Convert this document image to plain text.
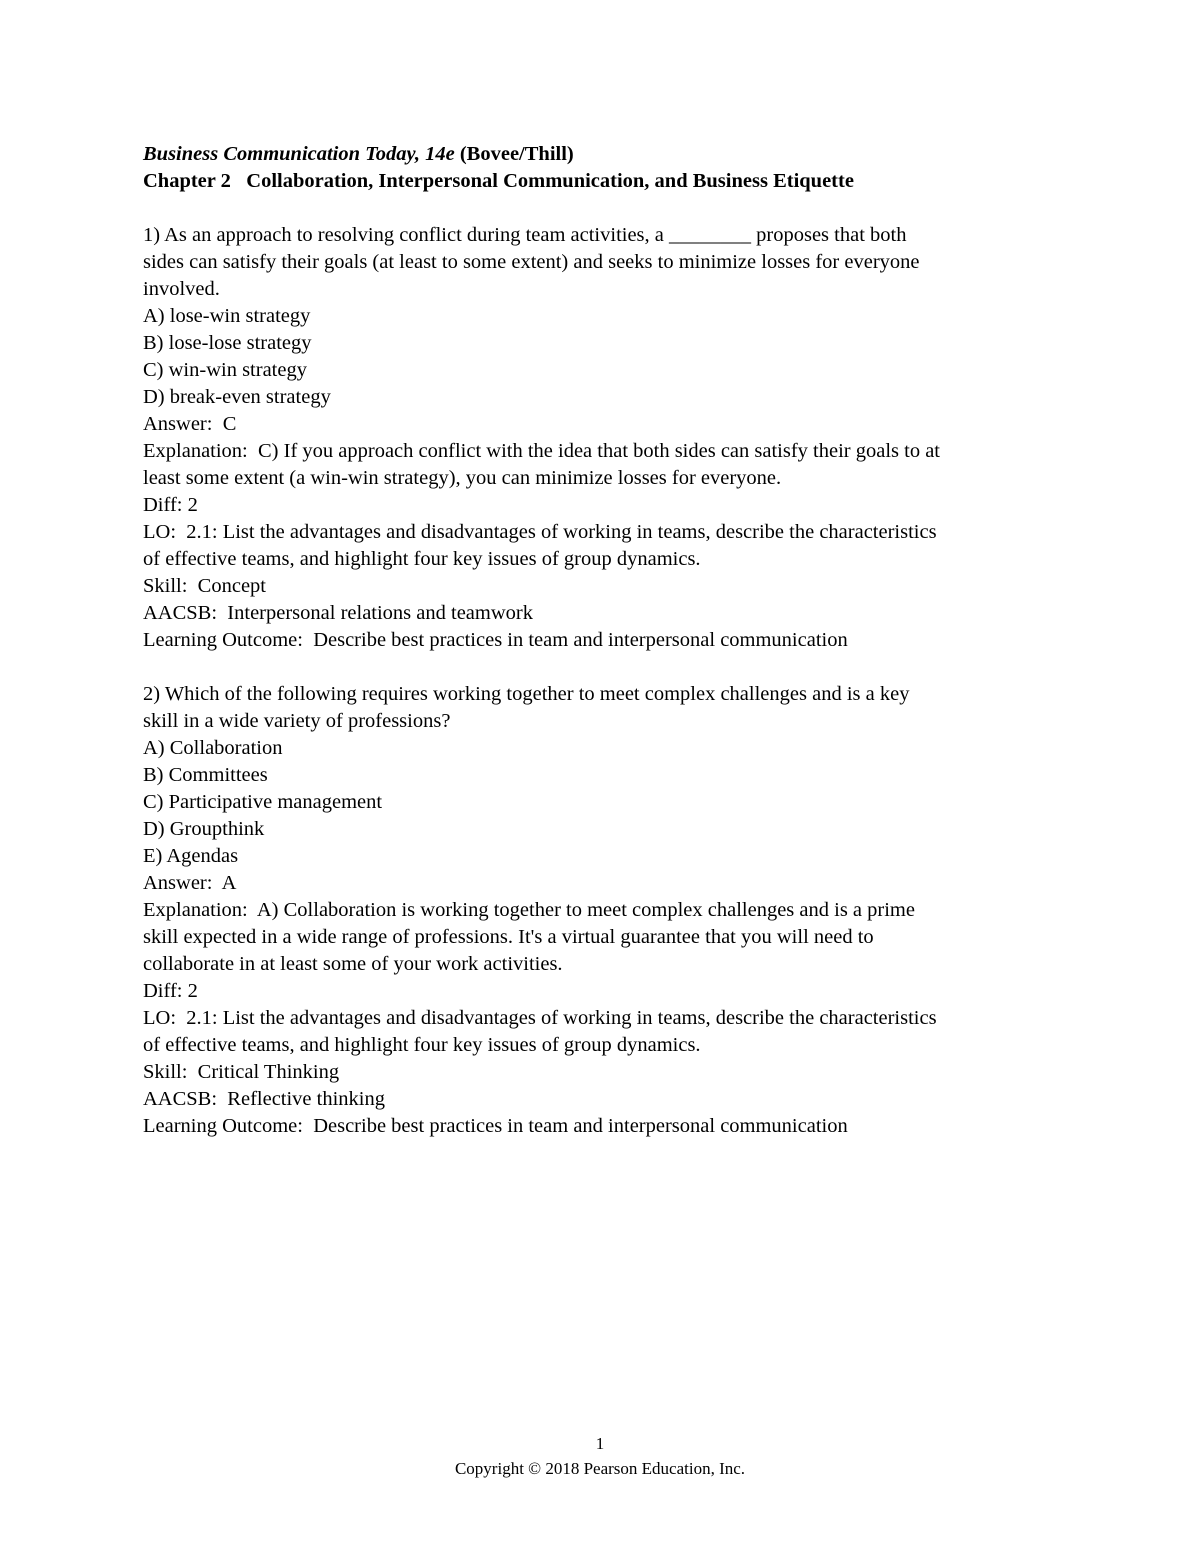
Business Communication Today, 14e (Bovee/Thill)
Chapter 2   Collaboration, Interpersonal Communication, and Business Etiquette
1) As an approach to resolving conflict during team activities, a ________ proposes that both
sides can satisfy their goals (at least to some extent) and seeks to minimize losses for everyone
involved.
A) lose-win strategy
B) lose-lose strategy
C) win-win strategy
D) break-even strategy
Answer:  C
Explanation:  C) If you approach conflict with the idea that both sides can satisfy their goals to at
least some extent (a win-win strategy), you can minimize losses for everyone.
Diff: 2
LO:  2.1: List the advantages and disadvantages of working in teams, describe the characteristics
of effective teams, and highlight four key issues of group dynamics.
Skill:  Concept
AACSB:  Interpersonal relations and teamwork
Learning Outcome:  Describe best practices in team and interpersonal communication
2) Which of the following requires working together to meet complex challenges and is a key
skill in a wide variety of professions?
A) Collaboration
B) Committees
C) Participative management
D) Groupthink
E) Agendas
Answer:  A
Explanation:  A) Collaboration is working together to meet complex challenges and is a prime
skill expected in a wide range of professions. It's a virtual guarantee that you will need to
collaborate in at least some of your work activities.
Diff: 2
LO:  2.1: List the advantages and disadvantages of working in teams, describe the characteristics
of effective teams, and highlight four key issues of group dynamics.
Skill:  Critical Thinking
AACSB:  Reflective thinking
Learning Outcome:  Describe best practices in team and interpersonal communication
1
Copyright © 2018 Pearson Education, Inc.
